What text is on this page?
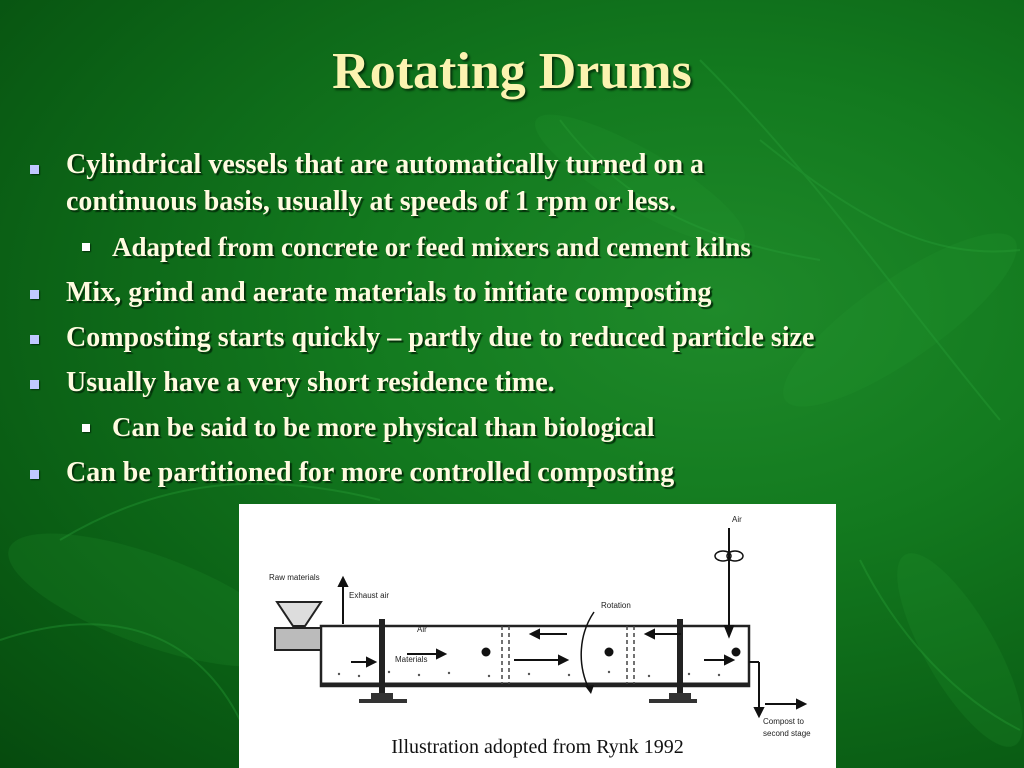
Rotating Drums
Cylindrical vessels that are automatically turned on a
continuous basis, usually at speeds of 1 rpm or less.
Adapted from concrete or feed mixers and cement kilns
Mix, grind and aerate materials to initiate composting
Composting starts quickly – partly due to reduced particle size
Usually have a very short residence time.
Can be said to be more physical than biological
Can be partitioned for more controlled composting
Air
Raw materials
Exhaust air
Rotation
Air
Materials
Compost to
second stage
Illustration adopted from Rynk 1992
